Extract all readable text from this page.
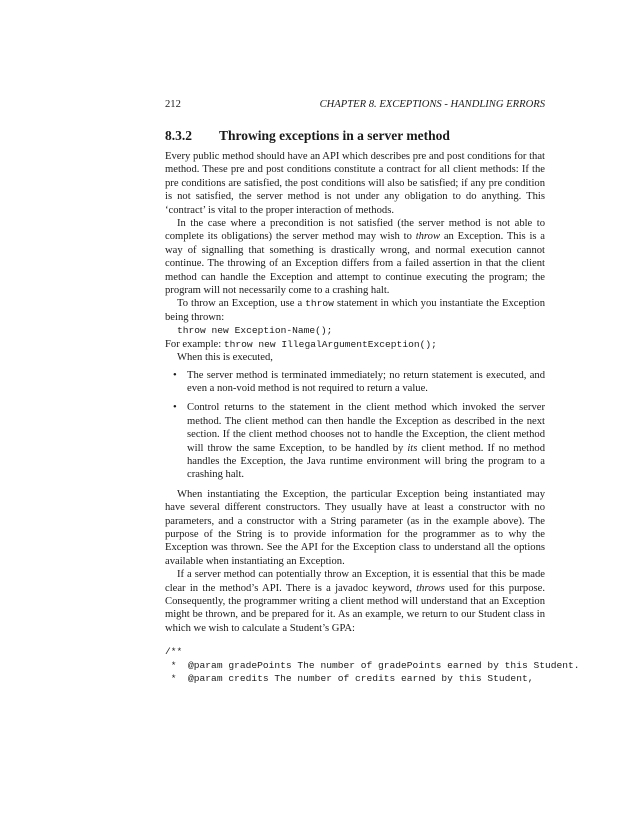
212	CHAPTER 8. EXCEPTIONS - HANDLING ERRORS
8.3.2 Throwing exceptions in a server method

Every public method should have an API which describes pre and post conditions for that method. These pre and post conditions constitute a contract for all client methods: If the pre conditions are satisfied, the post conditions will also be satisfied; if any pre condition is not satisfied, the server method is not under any obligation to do anything. This ‘contract’ is vital to the proper interaction of methods.

In the case where a precondition is not satisfied (the server method is not able to complete its obligations) the server method may wish to throw an Exception. This is a way of signalling that something is drastically wrong, and normal execution cannot continue. The throwing of an Exception differs from a failed assertion in that the client method can handle the Exception and attempt to continue executing the program; the program will not necessarily come to a crashing halt.

To throw an Exception, use a throw statement in which you instantiate the Exception being thrown:

throw new Exception-Name();

For example: throw new IllegalArgumentException();

When this is executed,

• The server method is terminated immediately; no return statement is executed, and even a non-void method is not required to return a value.
• Control returns to the statement in the client method which invoked the server method. The client method can then handle the Exception as described in the next section. If the client method chooses not to handle the Exception, the client method will throw the same Exception, to be handled by its client method. If no method handles the Exception, the Java runtime environment will bring the program to a crashing halt.

When instantiating the Exception, the particular Exception being instantiated may have several different constructors. They usually have at least a constructor with no parameters, and a constructor with a String parameter (as in the example above). The purpose of the String is to provide information for the programmer as to why the Exception was thrown. See the API for the Exception class to understand all the options available when instantiating an Exception.

If a server method can potentially throw an Exception, it is essential that this be made clear in the method’s API. There is a javadoc keyword, throws used for this purpose. Consequently, the programmer writing a client method will understand that an Exception might be thrown, and be prepared for it. As an example, we return to our Student class in which we wish to calculate a Student’s GPA:

/**
*  @param gradePoints The number of gradePoints earned by this Student.
*  @param credits The number of credits earned by this Student,
